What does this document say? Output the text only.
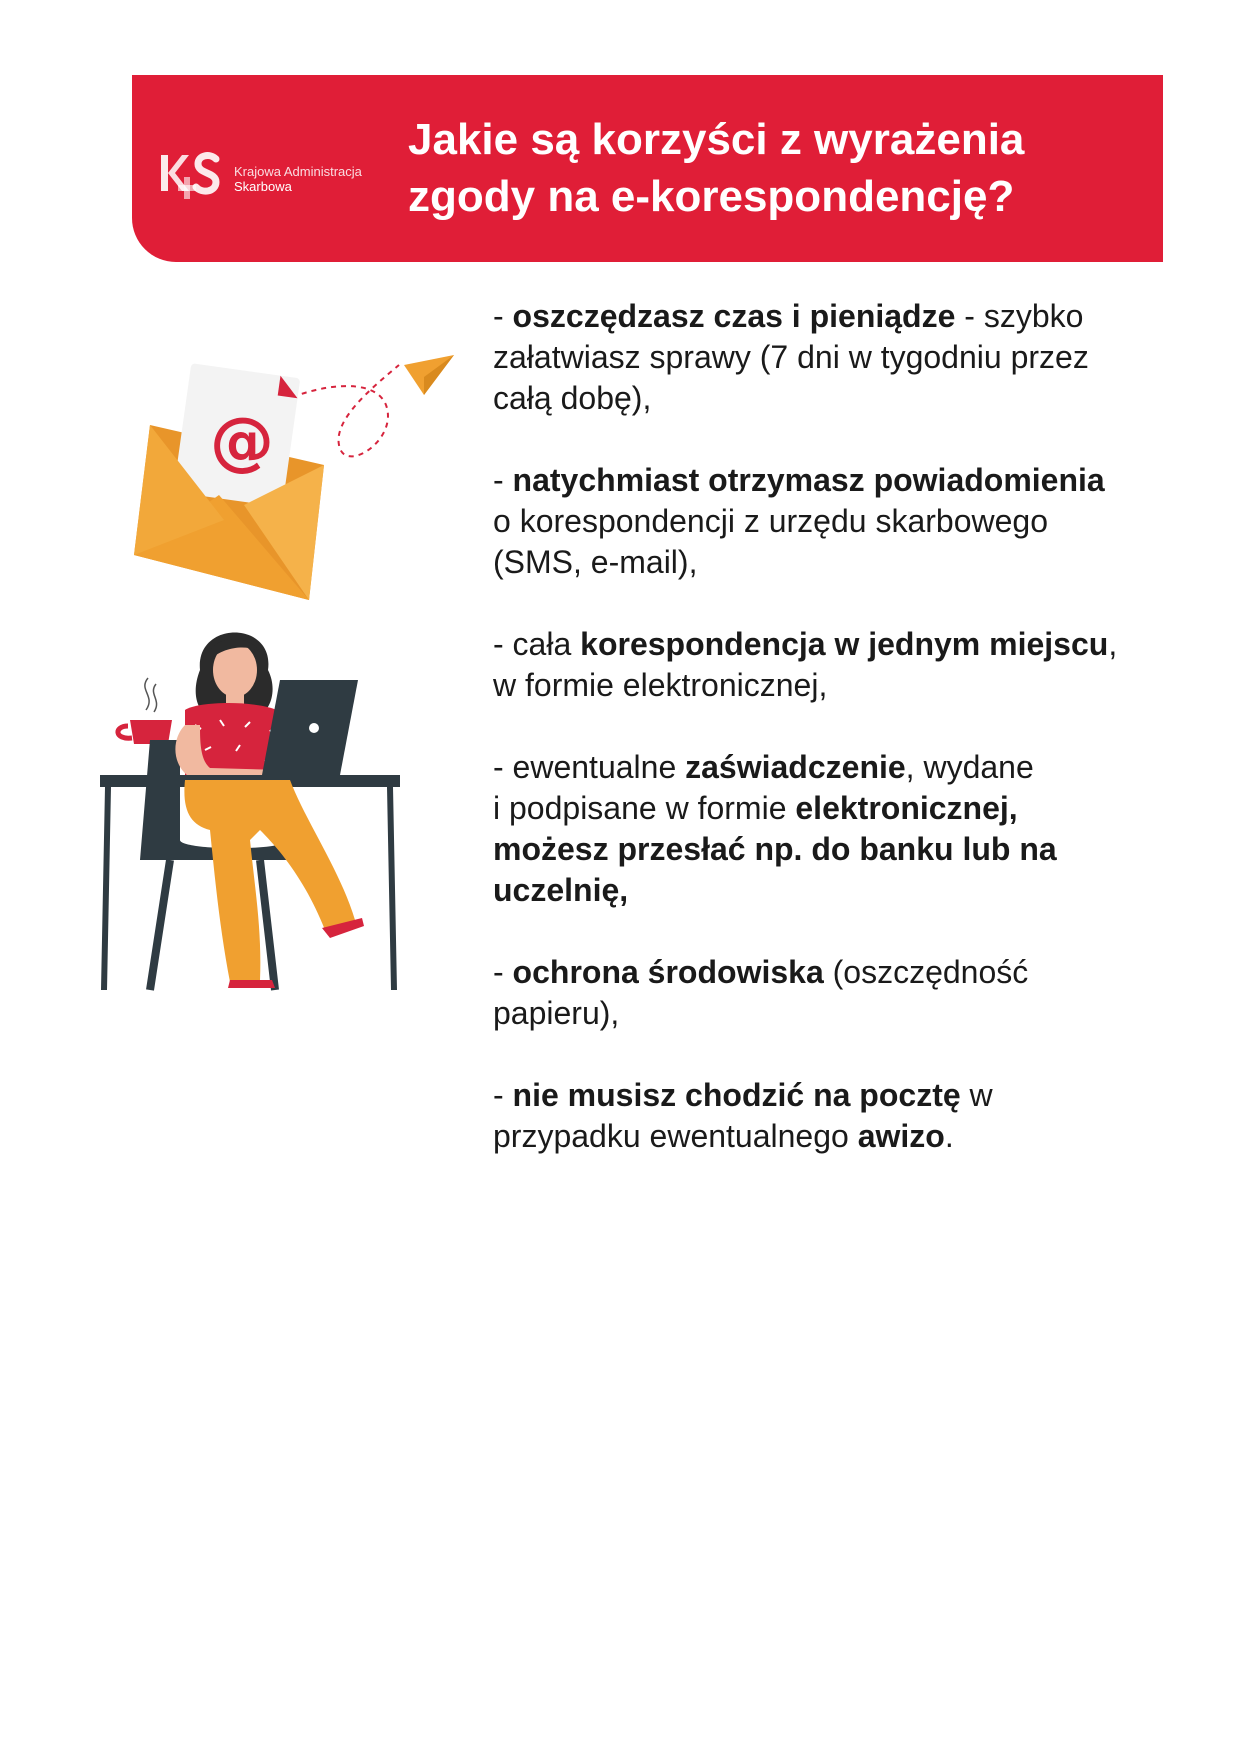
Krajowa Administracja
Skarbowa
Jakie są korzyści z wyrażenia
zgody na e-korespondencję?
@
- oszczędzasz czas i pieniądze - szybko
załatwiasz sprawy (7 dni w tygodniu przez
całą dobę),
- natychmiast otrzymasz powiadomienia
o korespondencji z urzędu skarbowego
(SMS, e-mail),
- cała korespondencja w jednym miejscu,
w formie elektronicznej,
- ewentualne zaświadczenie, wydane
i podpisane w formie elektronicznej,
możesz przesłać np. do banku lub na
uczelnię,
- ochrona środowiska (oszczędność
papieru),
- nie musisz chodzić na pocztę w
przypadku ewentualnego awizo.
